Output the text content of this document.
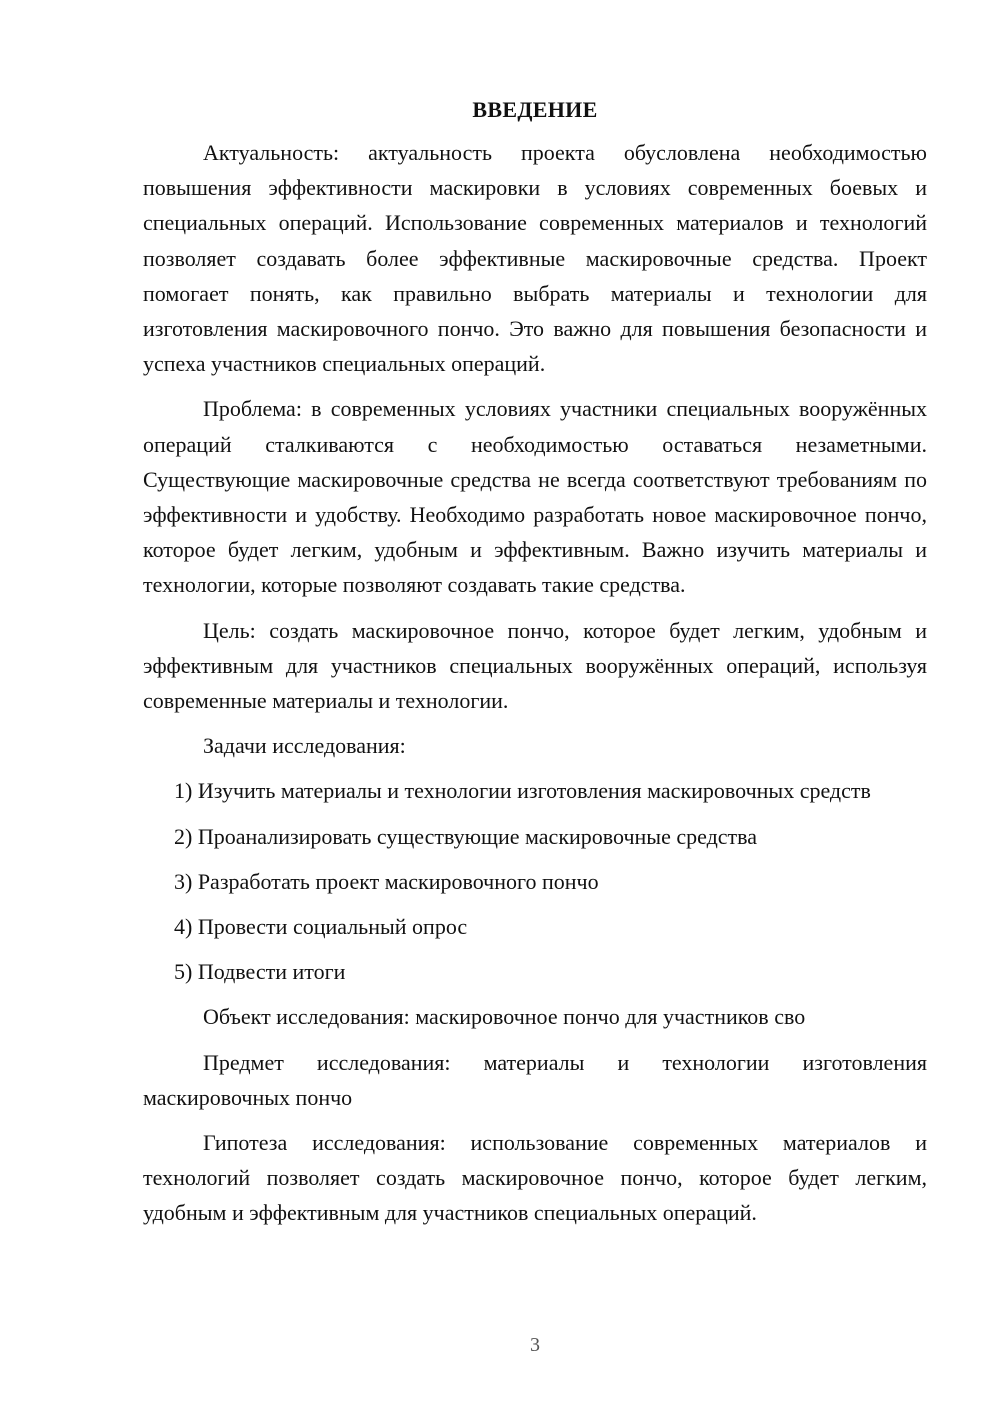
ВВЕДЕНИЕ

Актуальность: актуальность проекта обусловлена необходимостью повышения эффективности маскировки в условиях современных боевых и специальных операций. Использование современных материалов и технологий позволяет создавать более эффективные маскировочные средства. Проект помогает понять, как правильно выбрать материалы и технологии для изготовления маскировочного пончо. Это важно для повышения безопасности и успеха участников специальных операций.

Проблема: в современных условиях участники специальных вооружённых операций сталкиваются с необходимостью оставаться незаметными. Существующие маскировочные средства не всегда соответствуют требованиям по эффективности и удобству. Необходимо разработать новое маскировочное пончо, которое будет легким, удобным и эффективным. Важно изучить материалы и технологии, которые позволяют создавать такие средства.

Цель: создать маскировочное пончо, которое будет легким, удобным и эффективным для участников специальных вооружённых операций, используя современные материалы и технологии.

Задачи исследования:

1) Изучить материалы и технологии изготовления маскировочных средств

2) Проанализировать существующие маскировочные средства

3) Разработать проект маскировочного пончо

4) Провести социальный опрос

5) Подвести итоги

Объект исследования: маскировочное пончо для участников сво

Предмет исследования: материалы и технологии изготовления маскировочных пончо

Гипотеза исследования: использование современных материалов и технологий позволяет создать маскировочное пончо, которое будет легким, удобным и эффективным для участников специальных операций.

3
